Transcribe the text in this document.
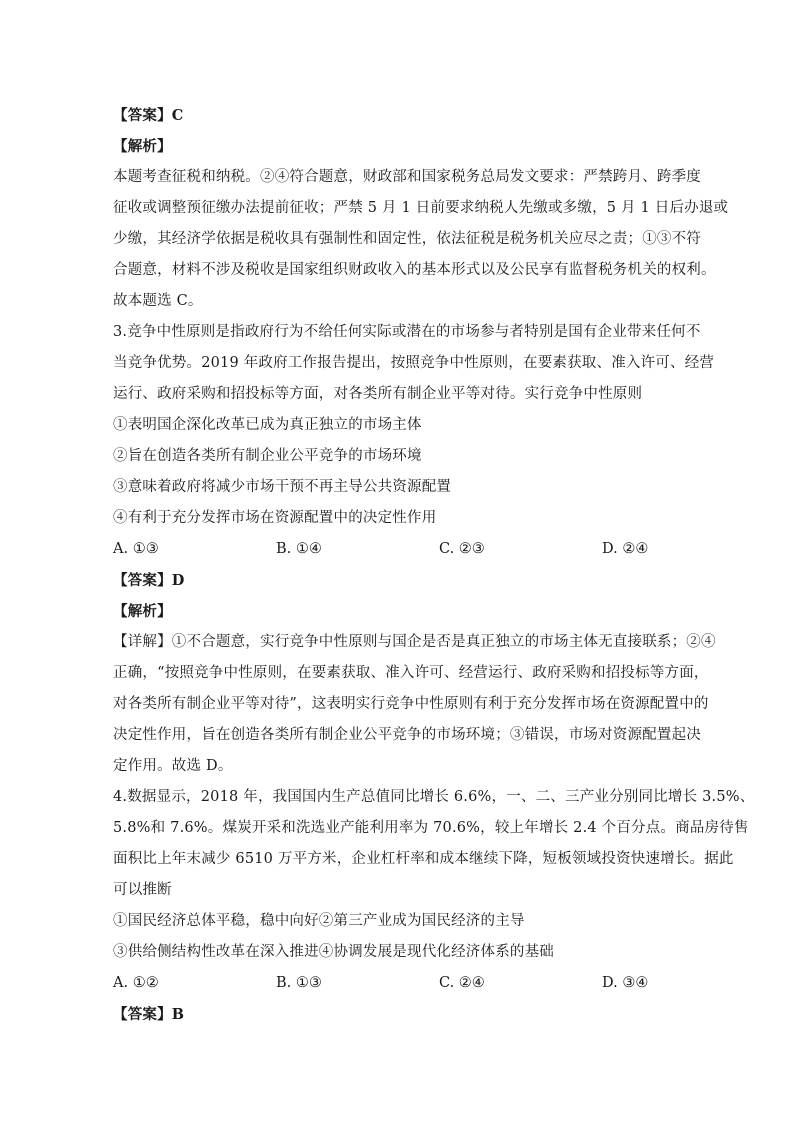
【答案】C
【解析】
本题考查征税和纳税。②④符合题意，财政部和国家税务总局发文要求：严禁跨月、跨季度
征收或调整预征缴办法提前征收；严禁 5 月 1 日前要求纳税人先缴或多缴，5 月 1 日后办退或
少缴，其经济学依据是税收具有强制性和固定性，依法征税是税务机关应尽之责；①③不符
合题意，材料不涉及税收是国家组织财政收入的基本形式以及公民享有监督税务机关的权利。
故本题选 C。
3.竞争中性原则是指政府行为不给任何实际或潜在的市场参与者特别是国有企业带来任何不
当竞争优势。2019 年政府工作报告提出，按照竞争中性原则，在要素获取、准入许可、经营
运行、政府采购和招投标等方面，对各类所有制企业平等对待。实行竞争中性原则
①表明国企深化改革已成为真正独立的市场主体
②旨在创造各类所有制企业公平竞争的市场环境
③意味着政府将减少市场干预不再主导公共资源配置
④有利于充分发挥市场在资源配置中的决定性作用
A. ①③	B. ①④	C. ②③	D. ②④
【答案】D
【解析】
【详解】①不合题意，实行竞争中性原则与国企是否是真正独立的市场主体无直接联系；②④
正确，“按照竞争中性原则，在要素获取、准入许可、经营运行、政府采购和招投标等方面，
对各类所有制企业平等对待”，这表明实行竞争中性原则有利于充分发挥市场在资源配置中的
决定性作用，旨在创造各类所有制企业公平竞争的市场环境；③错误，市场对资源配置起决
定作用。故选 D。
4.数据显示，2018 年，我国国内生产总值同比增长 6.6%，一、二、三产业分别同比增长 3.5%、
5.8%和 7.6%。煤炭开采和洗选业产能利用率为 70.6%，较上年增长 2.4 个百分点。商品房待售
面积比上年末减少 6510 万平方米，企业杠杆率和成本继续下降，短板领域投资快速增长。据此
可以推断
①国民经济总体平稳，稳中向好②第三产业成为国民经济的主导
③供给侧结构性改革在深入推进④协调发展是现代化经济体系的基础
A. ①②	B. ①③	C. ②④	D. ③④
【答案】B
